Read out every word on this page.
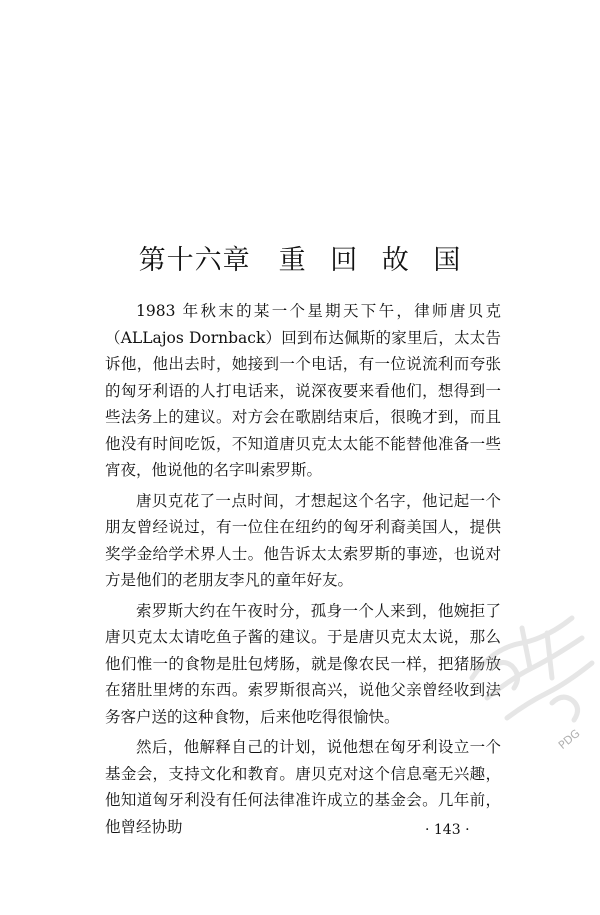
第十六章　重 回 故 国

1983 年秋末的某一个星期天下午，律师唐贝克（ALLajos Dornback）回到布达佩斯的家里后，太太告诉他，他出去时，她接到一个电话，有一位说流利而夸张的匈牙利语的人打电话来，说深夜要来看他们，想得到一些法务上的建议。对方会在歌剧结束后，很晚才到，而且他没有时间吃饭，不知道唐贝克太太能不能替他准备一些宵夜，他说他的名字叫索罗斯。

唐贝克花了一点时间，才想起这个名字，他记起一个朋友曾经说过，有一位住在纽约的匈牙利裔美国人，提供奖学金给学术界人士。他告诉太太索罗斯的事迹，也说对方是他们的老朋友李凡的童年好友。

索罗斯大约在午夜时分，孤身一个人来到，他婉拒了唐贝克太太请吃鱼子酱的建议。于是唐贝克太太说，那么他们惟一的食物是肚包烤肠，就是像农民一样，把猪肠放在猪肚里烤的东西。索罗斯很高兴，说他父亲曾经收到法务客户送的这种食物，后来他吃得很愉快。

然后，他解释自己的计划，说他想在匈牙利设立一个基金会，支持文化和教育。唐贝克对这个信息毫无兴趣，他知道匈牙利没有任何法律准许成立的基金会。几年前，他曾经协助	· 143 ·
PDG
